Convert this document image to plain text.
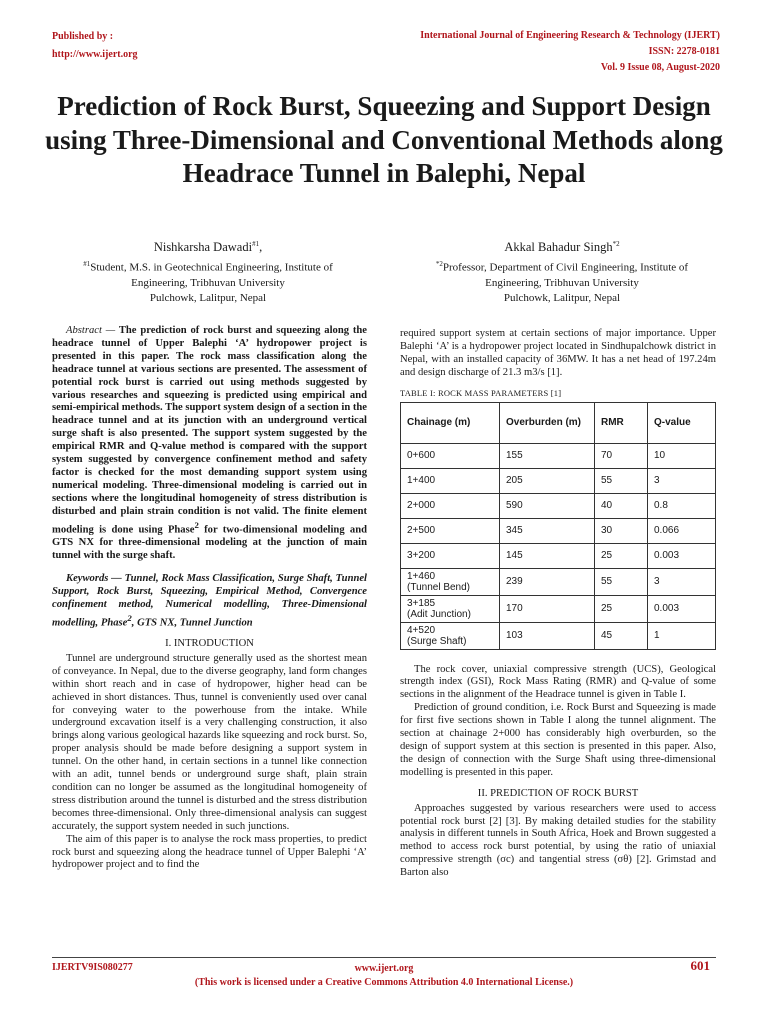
Published by :
http://www.ijert.org
International Journal of Engineering Research & Technology (IJERT)
ISSN: 2278-0181
Vol. 9 Issue 08, August-2020
Prediction of Rock Burst, Squeezing and Support Design using Three-Dimensional and Conventional Methods along Headrace Tunnel in Balephi, Nepal
Nishkarsha Dawadi$^{\#1}$,
$^{\#1}$Student, M.S. in Geotechnical Engineering, Institute of
Engineering, Tribhuvan University
Pulchowk, Lalitpur, Nepal
Akkal Bahadur Singh$^{*2}$
$^{*2}$Professor, Department of Civil Engineering, Institute of
Engineering, Tribhuvan University
Pulchowk, Lalitpur, Nepal

Abstract — The prediction of rock burst and squeezing along the headrace tunnel of Upper Balephi ‘A’ hydropower project is presented in this paper. The rock mass classification along the headrace tunnel at various sections are presented. The assessment of potential rock burst is carried out using methods suggested by various researches and squeezing is predicted using empirical and semi-empirical methods. The support system design of a section in the headrace tunnel and at its junction with an underground vertical surge shaft is also presented. The support system suggested by the empirical RMR and Q-value method is compared with the support system suggested by convergence confinement method and safety factor is checked for the most demanding support system using numerical modeling. Three-dimensional modeling is carried out in sections where the longitudinal homogeneity of stress distribution is disturbed and plain strain condition is not valid. The finite element modeling is done using Phase$^2$ for two-dimensional modeling and GTS NX for three-dimensional modeling at the junction of main tunnel with the surge shaft.

Keywords — Tunnel, Rock Mass Classification, Surge Shaft, Tunnel Support, Rock Burst, Squeezing, Empirical Method, Convergence confinement method, Numerical modelling, Three-Dimensional modelling, Phase$^2$, GTS NX, Tunnel Junction

I. INTRODUCTION

Tunnel are underground structure generally used as the shortest mean of conveyance. In Nepal, due to the diverse geography, land form changes within short reach and in case of hydropower, higher head can be achieved in short distances. Thus, tunnel is conveniently used over canal for conveying water to the powerhouse from the intake. While underground excavation itself is a very challenging construction, it also brings along various geological hazards like squeezing and rock burst. So, proper analysis should be made before designing a support system in tunnel. On the other hand, in certain sections in a tunnel like connection with an adit, tunnel bends or underground surge shaft, plain strain condition can no longer be assumed as the longitudinal homogeneity of stress distribution around the tunnel is disturbed and the stress distribution becomes three-dimensional. Only three-dimensional analysis can suggest accurately, the support system needed in such junctions.

The aim of this paper is to analyse the rock mass properties, to predict rock burst and squeezing along the headrace tunnel of Upper Balephi ‘A’ hydropower project and to find the

required support system at certain sections of major importance. Upper Balephi ‘A’ is a hydropower project located in Sindhupalchowk district in Nepal, with an installed capacity of 36MW. It has a net head of 197.24m and design discharge of 21.3 m3/s [1].

TABLE I: ROCK MASS PARAMETERS [1]
Chainage (m)	Overburden (m)	RMR	Q-value
0+600	155	70	10
1+400	205	55	3
2+000	590	40	0.8
2+500	345	30	0.066
3+200	145	25	0.003

1+460
(Tunnel Bend)	239	55	3

3+185
(Adit Junction)	170	25	0.003

4+520
(Surge Shaft)	103	45	1

The rock cover, uniaxial compressive strength (UCS), Geological strength index (GSI), Rock Mass Rating (RMR) and Q-value of some sections in the alignment of the Headrace tunnel is given in Table I.

Prediction of ground condition, i.e. Rock Burst and Squeezing is made for first five sections shown in Table I along the tunnel alignment. The section at chainage 2+000 has considerably high overburden, so the design of support system at this section is presented in this paper. Also, the design of connection with the Surge Shaft using three-dimensional modelling is presented in this paper.

II. PREDICTION OF ROCK BURST

Approaches suggested by various researchers were used to access potential rock burst [2] [3]. By making detailed studies for the stability analysis in different tunnels in South Africa, Hoek and Brown suggested a method to access rock burst potential, by using the ratio of uniaxial compressive strength (σc) and tangential stress (σθ) [2]. Grimstad and Barton also

IJERTV9IS080277	www.ijert.org
(This work is licensed under a Creative Commons Attribution 4.0 International License.)
601
